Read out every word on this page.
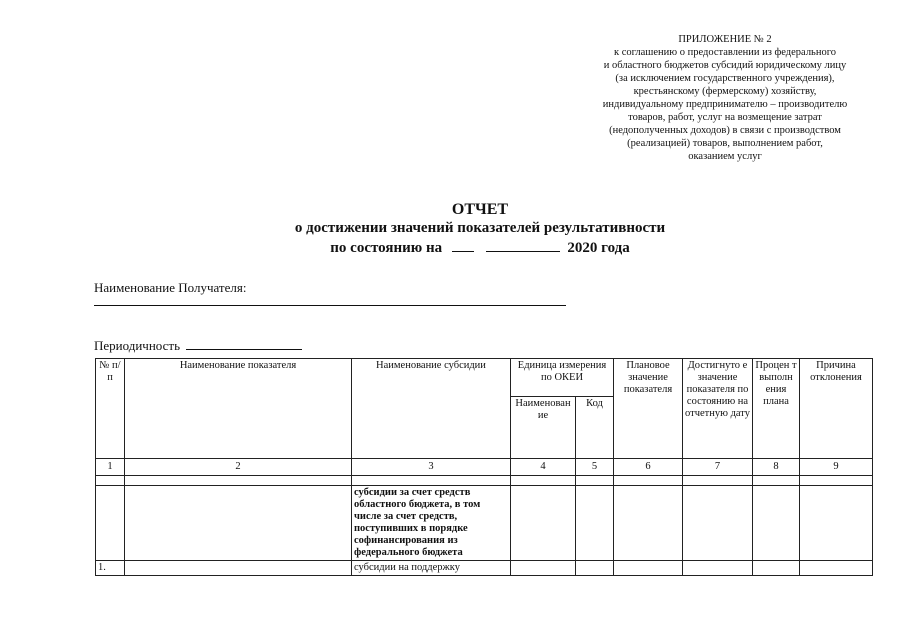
ПРИЛОЖЕНИЕ № 2
к соглашению о предоставлении из федерального
и областного бюджетов субсидий юридическому лицу
(за исключением государственного учреждения),
крестьянскому (фермерскому) хозяйству,
индивидуальному предпринимателю – производителю
товаров, работ, услуг на возмещение затрат
(недополученных доходов) в связи с производством
(реализацией) товаров, выполнением работ,
оказанием услуг
ОТЧЕТ
о достижении значений показателей результативности
по состоянию на	2020 года
Наименование Получателя:
Периодичность
№ п/п	Наименование показателя	Наименование субсидии	Единица измерения по ОКЕИ		Плановое значение показателя	Достигнуто е значение показателя по состоянию на отчетную дату	Процен т выполн ения плана	Причина отклонения
			Наименован ие	Код				
1	2	3	4	5	6	7	8	9

		субсидии за счет средств областного бюджета, в том числе за счет средств, поступивших в порядке софинансирования из федерального бюджета						
1.		субсидии на поддержку						
